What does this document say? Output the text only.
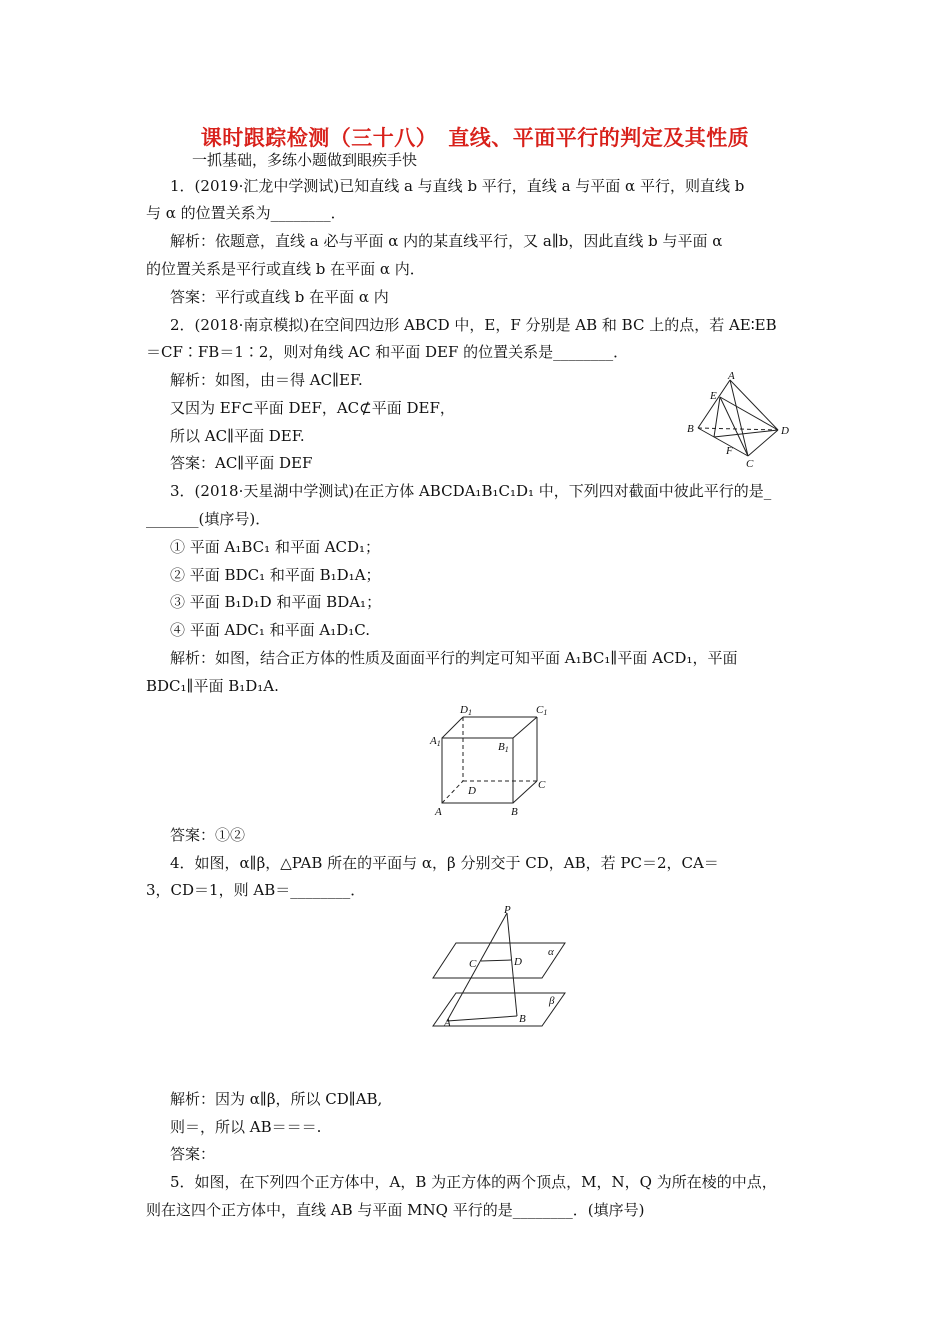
课时跟踪检测（三十八）　直线、平面平行的判定及其性质
一抓基础，多练小题做到眼疾手快
1．(2019·汇龙中学测试)已知直线 a 与直线 b 平行，直线 a 与平面 α 平行，则直线 b
与 α 的位置关系为________．
解析：依题意，直线 a 必与平面 α 内的某直线平行，又 a∥b，因此直线 b 与平面 α
的位置关系是平行或直线 b 在平面 α 内．
答案：平行或直线 b 在平面 α 内
2．(2018·南京模拟)在空间四边形 ABCD 中，E，F 分别是 AB 和 BC 上的点，若 AE∶EB
＝CF∶FB＝1∶2，则对角线 AC 和平面 DEF 的位置关系是________．
解析：如图，由＝得 AC∥EF.
又因为 EF⊂平面 DEF，AC⊄平面 DEF，
所以 AC∥平面 DEF.
答案：AC∥平面 DEF
3．(2018·天星湖中学测试)在正方体 ABCDA₁B₁C₁D₁ 中，下列四对截面中彼此平行的是_
_______(填序号)．
① 平面 A₁BC₁ 和平面 ACD₁；
② 平面 BDC₁ 和平面 B₁D₁A；
③ 平面 B₁D₁D 和平面 BDA₁；
④ 平面 ADC₁ 和平面 A₁D₁C.
解析：如图，结合正方体的性质及面面平行的判定可知平面 A₁BC₁∥平面 ACD₁，平面
BDC₁∥平面 B₁D₁A.
答案：①②
4．如图，α∥β，△PAB 所在的平面与 α，β 分别交于 CD，AB，若 PC＝2，CA＝
3，CD＝1，则 AB＝________．
解析：因为 α∥β，所以 CD∥AB,
则＝，所以 AB＝＝＝.
答案：
5．如图，在下列四个正方体中，A，B 为正方体的两个顶点，M，N，Q 为所在棱的中点，
则在这四个正方体中，直线 AB 与平面 MNQ 平行的是________．(填序号)
A
E
B	D
F
C
D1	C1
A1	B1
D	C
A	B
P
C	D
α
β
A	B
